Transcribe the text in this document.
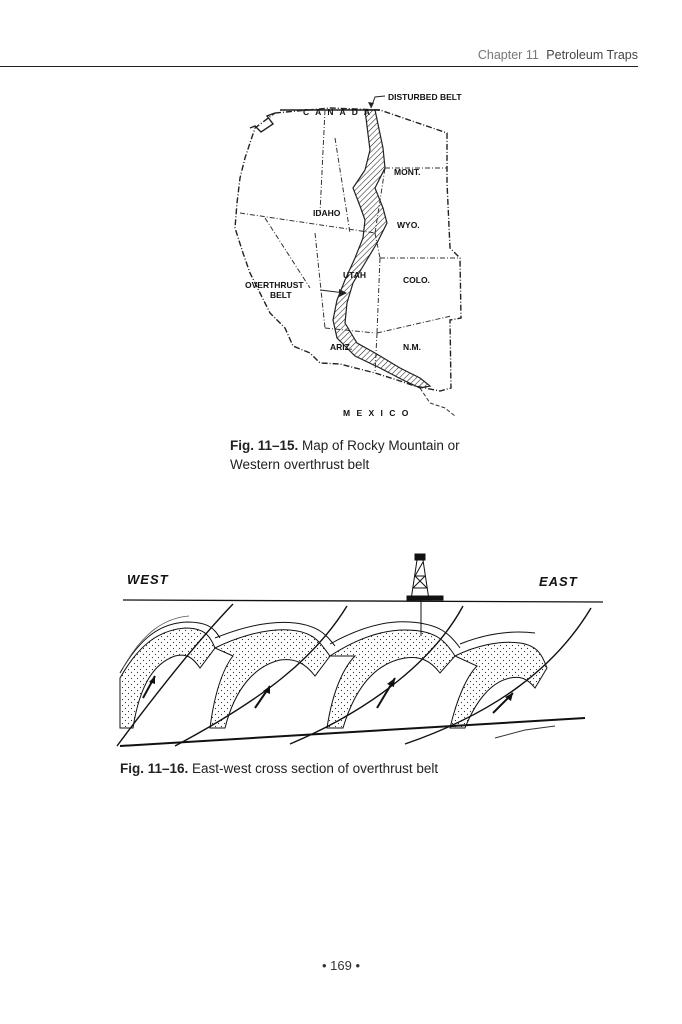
Chapter 11 Petroleum Traps
DISTURBED BELT
C A N A D A
MONT.
IDAHO
WYO.
UTAH	COLO.
OVERTHRUST
BELT
ARIZ.	N.M.
M E X I C O
Fig. 11–15. Map of Rocky Mountain or
Western overthrust belt
WEST	EAST
Fig. 11–16. East-west cross section of overthrust belt
• 169 •
